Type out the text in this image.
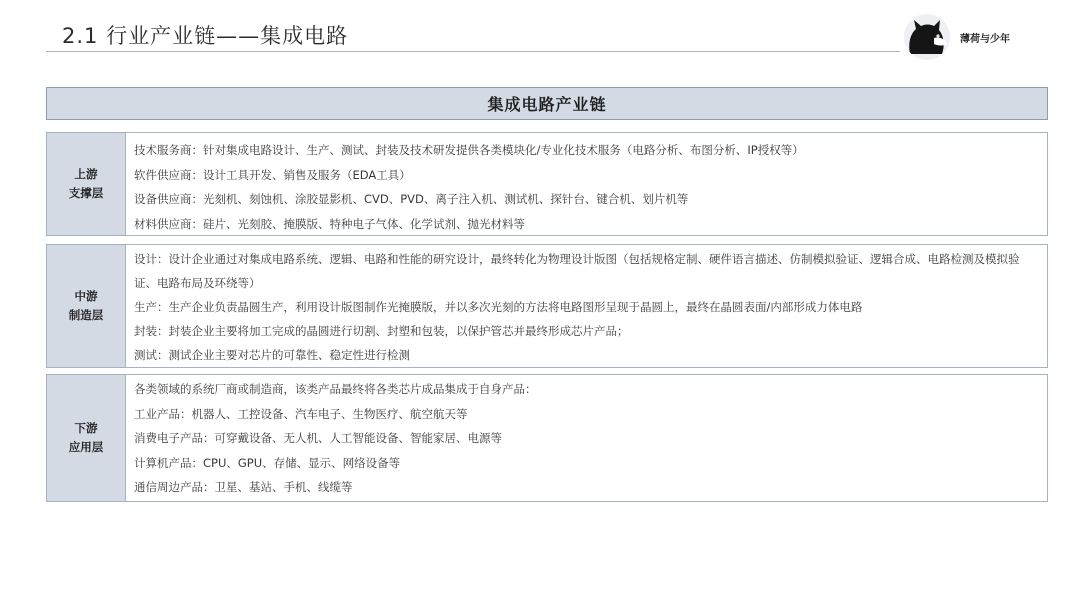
2.1 行业产业链——集成电路	薄荷与少年
集成电路产业链
上游
支撑层
技术服务商：针对集成电路设计、生产、测试、封装及技术研发提供各类模块化/专业化技术服务（电路分析、布图分析、IP授权等）
软件供应商：设计工具开发、销售及服务（EDA工具）
设备供应商：光刻机、刻蚀机、涂胶显影机、CVD、PVD、离子注入机、测试机、探针台、键合机、划片机等
材料供应商：硅片、光刻胶、掩膜版、特种电子气体、化学试剂、抛光材料等
中游
制造层
设计：设计企业通过对集成电路系统、逻辑、电路和性能的研究设计，最终转化为物理设计版图（包括规格定制、硬件语言描述、仿制模拟验证、逻辑合成、电路检测及模拟验证、电路布局及环绕等）
生产：生产企业负责晶圆生产，利用设计版图制作光掩膜版，并以多次光刻的方法将电路图形呈现于晶圆上，最终在晶圆表面/内部形成力体电路
封装：封装企业主要将加工完成的晶圆进行切割、封塑和包装，以保护管芯并最终形成芯片产品；
测试：测试企业主要对芯片的可靠性、稳定性进行检测
下游
应用层
各类领域的系统厂商或制造商，该类产品最终将各类芯片成品集成于自身产品：
工业产品：机器人、工控设备、汽车电子、生物医疗、航空航天等
消费电子产品：可穿戴设备、无人机、人工智能设备、智能家居、电源等
计算机产品：CPU、GPU、存储、显示、网络设备等
通信周边产品：卫星、基站、手机、线缆等
